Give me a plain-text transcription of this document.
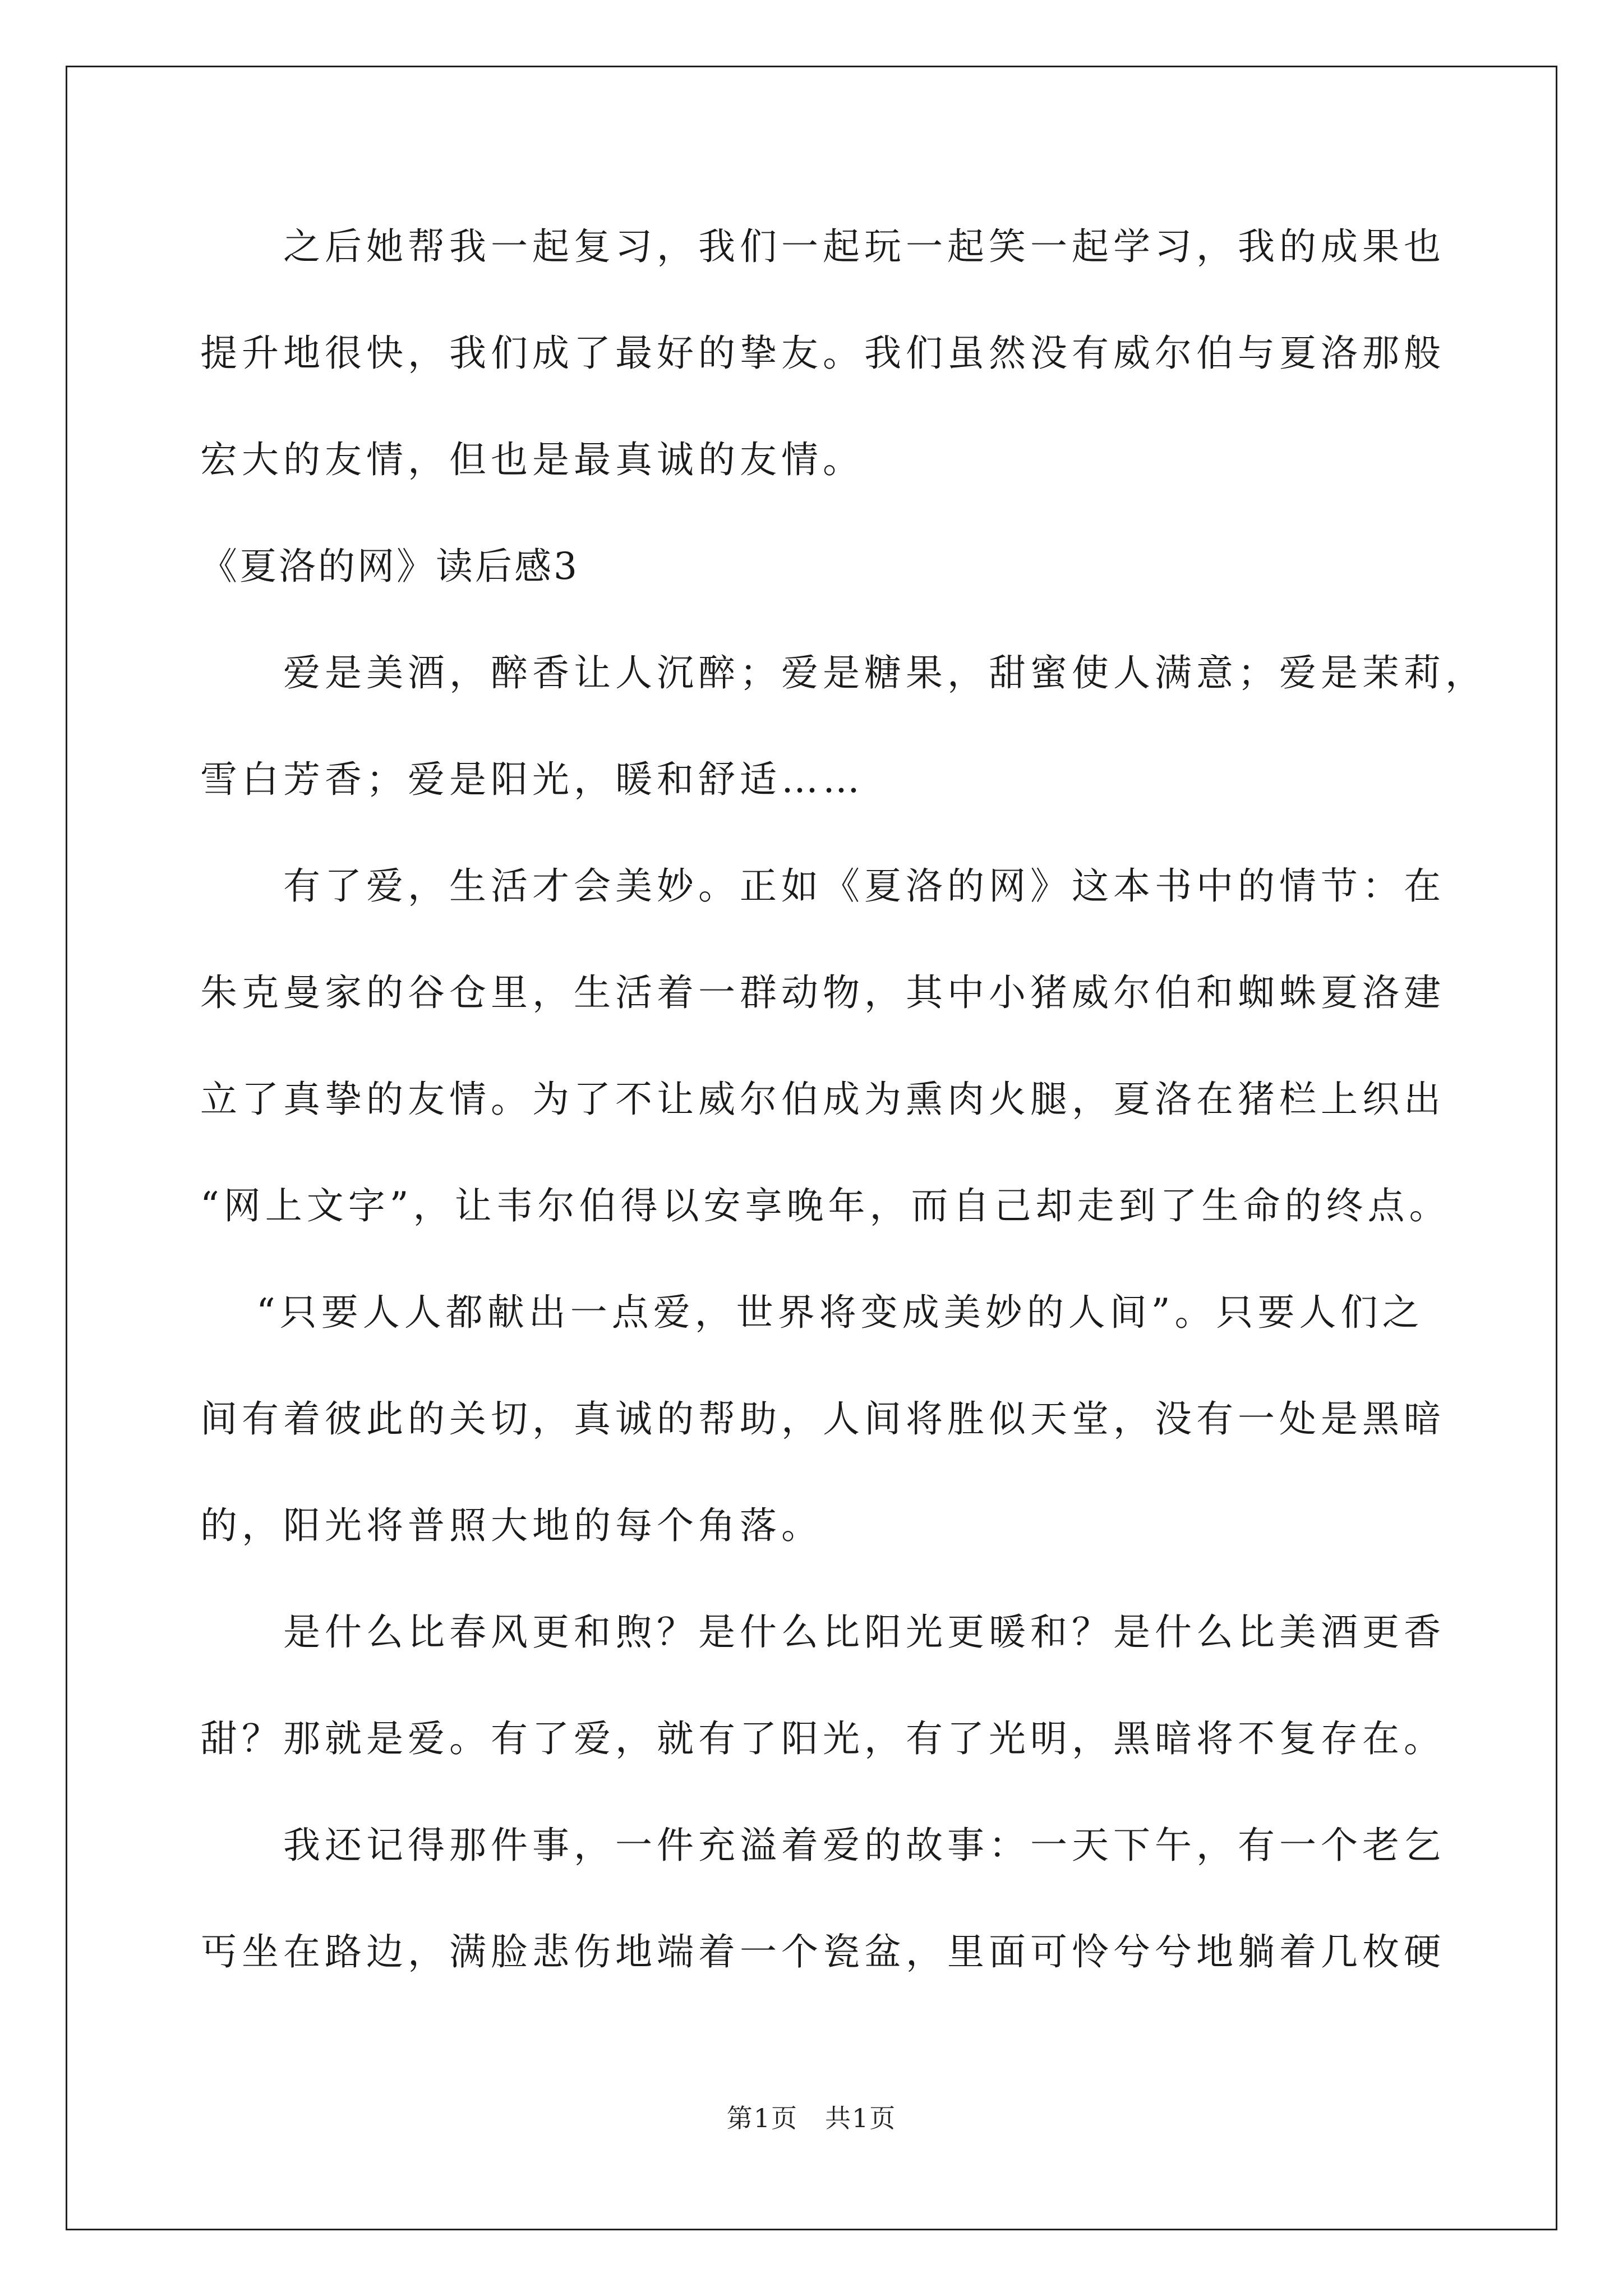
之后她帮我一起复习，我们一起玩一起笑一起学习，我的成果也
提升地很快，我们成了最好的挚友。我们虽然没有威尔伯与夏洛那般
宏大的友情，但也是最真诚的友情。
《夏洛的网》读后感3
爱是美酒，醉香让人沉醉；爱是糖果，甜蜜使人满意；爱是茉莉，
雪白芳香；爱是阳光，暖和舒适……
有了爱，生活才会美妙。正如《夏洛的网》这本书中的情节：在
朱克曼家的谷仓里，生活着一群动物，其中小猪威尔伯和蜘蛛夏洛建
立了真挚的友情。为了不让威尔伯成为熏肉火腿，夏洛在猪栏上织出
“网上文字”，让韦尔伯得以安享晚年，而自己却走到了生命的终点。
“只要人人都献出一点爱，世界将变成美妙的人间”。只要人们之
间有着彼此的关切，真诚的帮助，人间将胜似天堂，没有一处是黑暗
的，阳光将普照大地的每个角落。
是什么比春风更和煦？是什么比阳光更暖和？是什么比美酒更香
甜？那就是爱。有了爱，就有了阳光，有了光明，黑暗将不复存在。
我还记得那件事，一件充溢着爱的故事：一天下午，有一个老乞
丐坐在路边，满脸悲伤地端着一个瓷盆，里面可怜兮兮地躺着几枚硬
第1页　共1页
